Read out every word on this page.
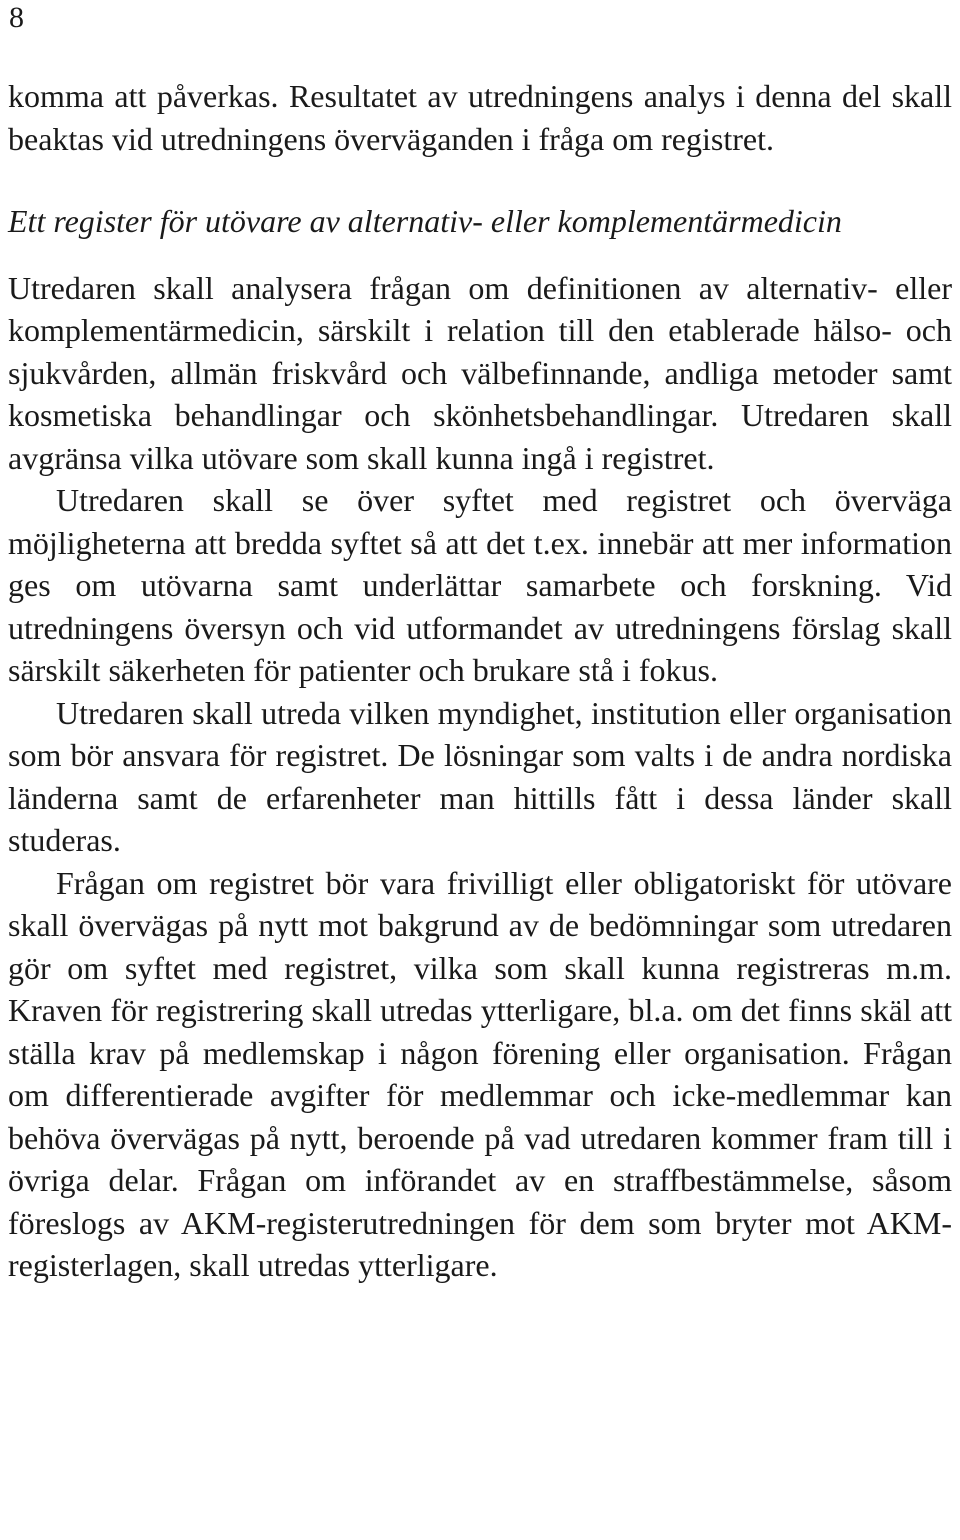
8

komma att påverkas. Resultatet av utredningens analys i denna del skall beaktas vid utredningens överväganden i fråga om registret.

Ett register för utövare av alternativ- eller komplementärmedicin

Utredaren skall analysera frågan om definitionen av alternativ- eller komplementärmedicin, särskilt i relation till den etablerade hälso- och sjukvården, allmän friskvård och välbefinnande, andliga metoder samt kosmetiska behandlingar och skönhetsbehandlingar. Utredaren skall avgränsa vilka utövare som skall kunna ingå i registret.

Utredaren skall se över syftet med registret och överväga möjligheterna att bredda syftet så att det t.ex. innebär att mer information ges om utövarna samt underlättar samarbete och forskning. Vid utredningens översyn och vid utformandet av utredningens förslag skall särskilt säkerheten för patienter och brukare stå i fokus.

Utredaren skall utreda vilken myndighet, institution eller organisation som bör ansvara för registret. De lösningar som valts i de andra nordiska länderna samt de erfarenheter man hittills fått i dessa länder skall studeras.

Frågan om registret bör vara frivilligt eller obligatoriskt för utövare skall övervägas på nytt mot bakgrund av de bedömningar som utredaren gör om syftet med registret, vilka som skall kunna registreras m.m. Kraven för registrering skall utredas ytterligare, bl.a. om det finns skäl att ställa krav på medlemskap i någon förening eller organisation. Frågan om differentierade avgifter för medlemmar och icke-medlemmar kan behöva övervägas på nytt, beroende på vad utredaren kommer fram till i övriga delar. Frågan om införandet av en straffbestämmelse, såsom föreslogs av AKM-registerutredningen för dem som bryter mot AKM-registerlagen, skall utredas ytterligare.
